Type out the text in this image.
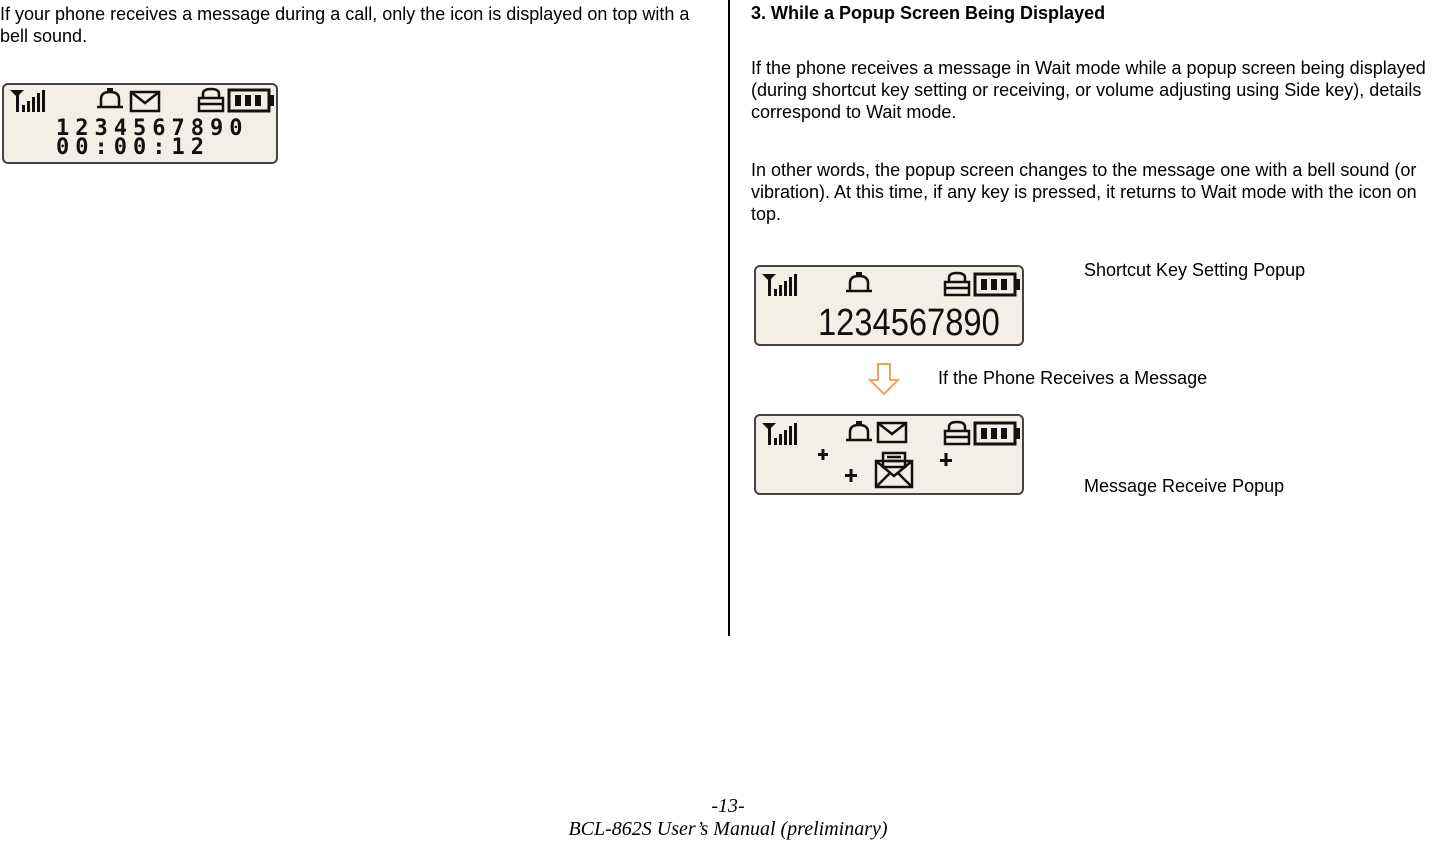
If your phone receives a message during a call, only the icon is displayed on top with a bell sound.
1234567890
00:00:12
3. While a Popup Screen Being Displayed
If the phone receives a message in Wait mode while a popup screen being displayed (during shortcut key setting or receiving, or volume adjusting using Side key), details correspond to Wait mode.
In other words, the popup screen changes to the message one with a bell sound (or vibration). At this time, if any key is pressed, it returns to Wait mode with the icon on top.
1234567890
Shortcut Key Setting Popup
If the Phone Receives a Message
Message Receive Popup
-13-
BCL-862S User’s Manual (preliminary)
